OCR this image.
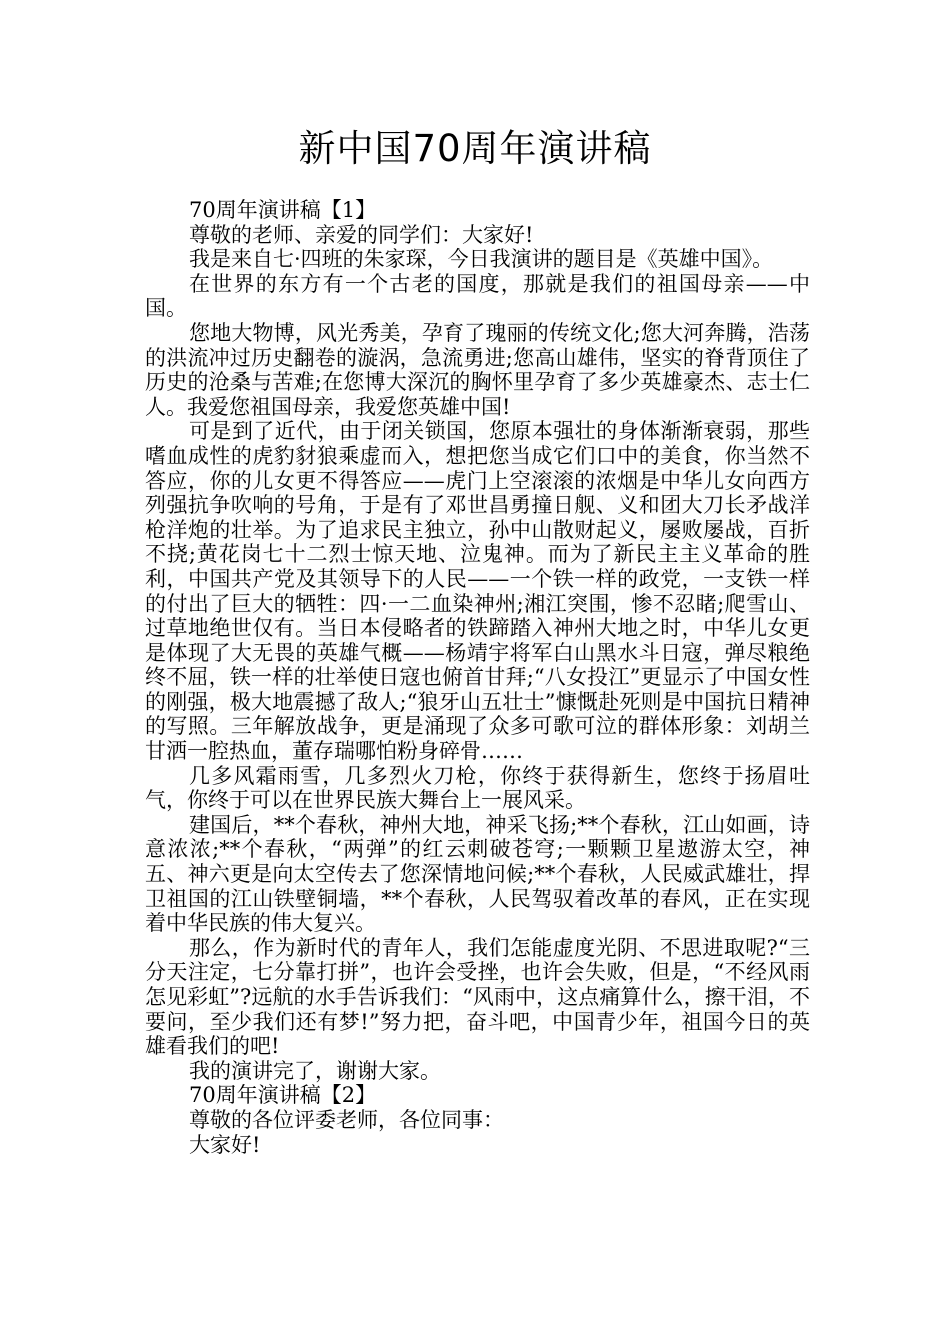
新中国70周年演讲稿

70周年演讲稿【1】

尊敬的老师、亲爱的同学们：大家好!

我是来自七·四班的朱家琛，今日我演讲的题目是《英雄中国》。

在世界的东方有一个古老的国度，那就是我们的祖国母亲——中国。

您地大物博，风光秀美，孕育了瑰丽的传统文化;您大河奔腾，浩荡的洪流冲过历史翻卷的漩涡，急流勇进;您高山雄伟，坚实的脊背顶住了历史的沧桑与苦难;在您博大深沉的胸怀里孕育了多少英雄豪杰、志士仁人。我爱您祖国母亲，我爱您英雄中国!

可是到了近代，由于闭关锁国，您原本强壮的身体渐渐衰弱，那些嗜血成性的虎豹豺狼乘虚而入，想把您当成它们口中的美食，你当然不答应，你的儿女更不得答应——虎门上空滚滚的浓烟是中华儿女向西方列强抗争吹响的号角，于是有了邓世昌勇撞日舰、义和团大刀长矛战洋枪洋炮的壮举。为了追求民主独立，孙中山散财起义，屡败屡战，百折不挠;黄花岗七十二烈士惊天地、泣鬼神。而为了新民主主义革命的胜利，中国共产党及其领导下的人民——一个铁一样的政党，一支铁一样的付出了巨大的牺牲：四·一二血染神州;湘江突围，惨不忍睹;爬雪山、过草地绝世仅有。当日本侵略者的铁蹄踏入神州大地之时，中华儿女更是体现了大无畏的英雄气概——杨靖宇将军白山黑水斗日寇，弹尽粮绝终不屈，铁一样的壮举使日寇也俯首甘拜;“八女投江”更显示了中国女性的刚强，极大地震撼了敌人;“狼牙山五壮士”慷慨赴死则是中国抗日精神的写照。三年解放战争，更是涌现了众多可歌可泣的群体形象：刘胡兰甘洒一腔热血，董存瑞哪怕粉身碎骨……

几多风霜雨雪，几多烈火刀枪，你终于获得新生，您终于扬眉吐气，你终于可以在世界民族大舞台上一展风采。

建国后，**个春秋，神州大地，神采飞扬;**个春秋，江山如画，诗意浓浓;**个春秋，“两弹”的红云刺破苍穹;一颗颗卫星遨游太空，神五、神六更是向太空传去了您深情地问候;**个春秋，人民威武雄壮，捍卫祖国的江山铁壁铜墙，**个春秋，人民驾驭着改革的春风，正在实现着中华民族的伟大复兴。

那么，作为新时代的青年人，我们怎能虚度光阴、不思进取呢?“三分天注定，七分靠打拼”，也许会受挫，也许会失败，但是，“不经风雨怎见彩虹”?远航的水手告诉我们：“风雨中，这点痛算什么，擦干泪，不要问，至少我们还有梦!”努力把，奋斗吧，中国青少年，祖国今日的英雄看我们的吧!

我的演讲完了，谢谢大家。

70周年演讲稿【2】

尊敬的各位评委老师，各位同事：

大家好!
